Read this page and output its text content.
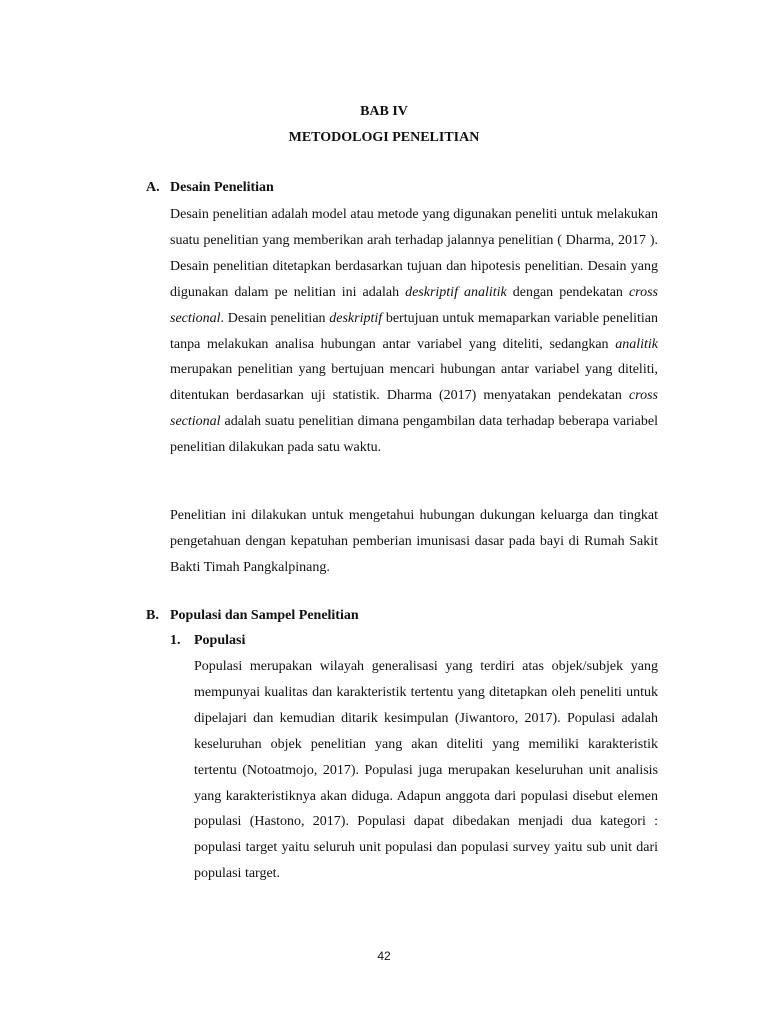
BAB IV
METODOLOGI PENELITIAN
A. Desain Penelitian

Desain penelitian adalah model atau metode yang digunakan peneliti untuk melakukan suatu penelitian yang memberikan arah terhadap jalannya penelitian ( Dharma, 2017 ). Desain penelitian ditetapkan berdasarkan tujuan dan hipotesis penelitian. Desain yang digunakan dalam pe nelitian ini adalah deskriptif analitik dengan pendekatan cross sectional. Desain penelitian deskriptif bertujuan untuk memaparkan variable penelitian tanpa melakukan analisa hubungan antar variabel yang diteliti, sedangkan analitik merupakan penelitian yang bertujuan mencari hubungan antar variabel yang diteliti, ditentukan berdasarkan uji statistik. Dharma (2017) menyatakan pendekatan cross sectional adalah suatu penelitian dimana pengambilan data terhadap beberapa variabel penelitian dilakukan pada satu waktu.

Penelitian ini dilakukan untuk mengetahui hubungan dukungan keluarga dan tingkat pengetahuan dengan kepatuhan pemberian imunisasi dasar pada bayi di Rumah Sakit Bakti Timah Pangkalpinang.

B. Populasi dan Sampel Penelitian
1. Populasi

Populasi merupakan wilayah generalisasi yang terdiri atas objek/subjek yang mempunyai kualitas dan karakteristik tertentu yang ditetapkan oleh peneliti untuk dipelajari dan kemudian ditarik kesimpulan (Jiwantoro, 2017). Populasi adalah keseluruhan objek penelitian yang akan diteliti yang memiliki karakteristik tertentu (Notoatmojo, 2017). Populasi juga merupakan keseluruhan unit analisis yang karakteristiknya akan diduga. Adapun anggota dari populasi disebut elemen populasi (Hastono, 2017). Populasi dapat dibedakan menjadi dua kategori : populasi target yaitu seluruh unit populasi dan populasi survey yaitu sub unit dari populasi target.

42
